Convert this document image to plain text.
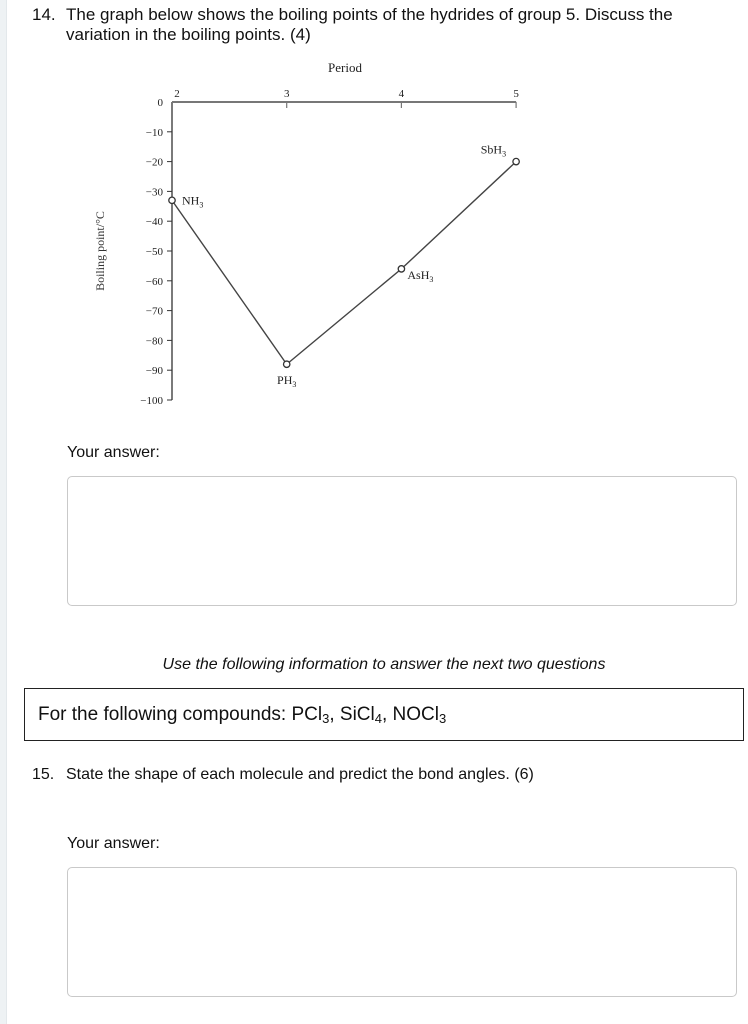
14. The graph below shows the boiling points of the hydrides of group 5. Discuss the variation in the boiling points. (4)
0
−10
−20
−30
−40
−50
−60
−70
−80
−90
−100
2	3	4	5
Period
Boiling point/°C
$NH_3$
$PH_3$
AsH$_3$
SbH$_3$
Your answer:
Use the following information to answer the next two questions
For the following compounds: PCl$_3$, SiCl$_4$, NOCl$_3$
15. State the shape of each molecule and predict the bond angles. (6)
Your answer:
